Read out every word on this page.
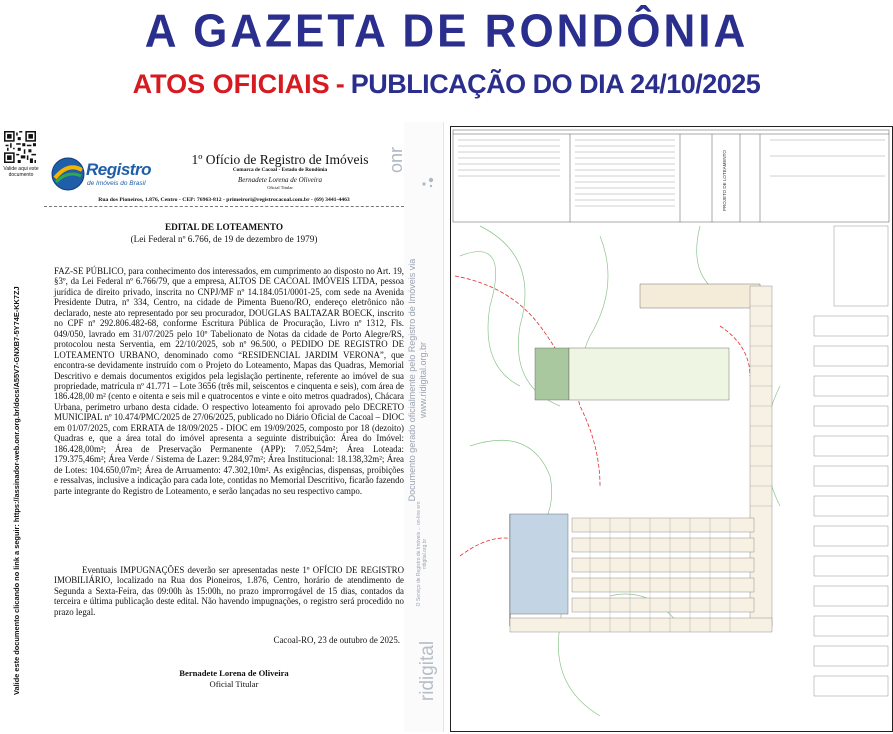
A GAZETA DE RONDÔNIA
ATOS OFICIAIS - PUBLICAÇÃO DO DIA 24/10/2025
Valide aqui este documento
Valide este documento clicando no link a seguir: https://assinador-web.onr.org.br/docs/A55V7-GNXB7-5Y74E-KK7ZJ
Registro
de Imóveis do Brasil
1º Ofício de Registro de Imóveis
Comarca de Cacoal - Estado de Rondônia
Bernadete Lorena de Oliveira
Oficial Titular
Rua dos Pioneiros, 1.876, Centro - CEP: 76963-812 - primeirori@registrocacoal.com.br - (69) 3441-4463
EDITAL DE LOTEAMENTO
(Lei Federal nº 6.766, de 19 de dezembro de 1979)

FAZ-SE PÚBLICO, para conhecimento dos interessados, em cumprimento ao disposto no Art. 19, §3º, da Lei Federal nº 6.766/79, que a empresa, ALTOS DE CACOAL IMÓVEIS LTDA, pessoa jurídica de direito privado, inscrita no CNPJ/MF nº 14.184.051/0001-25, com sede na Avenida Presidente Dutra, nº 334, Centro, na cidade de Pimenta Bueno/RO, endereço eletrônico não declarado, neste ato representado por seu procurador, DOUGLAS BALTAZAR BOECK, inscrito no CPF nº 292.806.482-68, conforme Escritura Pública de Procuração, Livro nº 1312, Fls. 049/050, lavrado em 31/07/2025 pelo 10º Tabelionato de Notas da cidade de Porto Alegre/RS, protocolou nesta Serventia, em 22/10/2025, sob nº 96.500, o PEDIDO DE REGISTRO DE LOTEAMENTO URBANO, denominado como “RESIDENCIAL JARDIM VERONA”, que encontra-se devidamente instruído com o Projeto do Loteamento, Mapas das Quadras, Memorial Descritivo e demais documentos exigidos pela legislação pertinente, referente ao imóvel de sua propriedade, matrícula nº 41.771 – Lote 3656 (três mil, seiscentos e cinquenta e seis), com área de 186.428,00 m² (cento e oitenta e seis mil e quatrocentos e vinte e oito metros quadrados), Chácara Urbana, perímetro urbano desta cidade. O respectivo loteamento foi aprovado pelo DECRETO MUNICIPAL nº 10.474/PMC/2025 de 27/06/2025, publicado no Diário Oficial de Cacoal – DIOC em 01/07/2025, com ERRATA de 18/09/2025 - DIOC em 19/09/2025, composto por 18 (dezoito) Quadras e, que a área total do imóvel apresenta a seguinte distribuição: Área do Imóvel: 186.428,00m²; Área de Preservação Permanente (APP): 7.052,54m²; Área Loteada: 179.375,46m²; Área Verde / Sistema de Lazer: 9.284,97m²; Área Institucional: 18.138,32m²; Área de Lotes: 104.650,07m²; Área de Arruamento: 47.302,10m². As exigências, dispensas, proibições e ressalvas, inclusive a indicação para cada lote, contidas no Memorial Descritivo, ficarão fazendo parte integrante do Registro de Loteamento, e serão lançadas no seu respectivo campo.

Eventuais IMPUGNAÇÕES deverão ser apresentadas neste 1º OFÍCIO DE REGISTRO IMOBILIÁRIO, localizado na Rua dos Pioneiros, 1.876, Centro, horário de atendimento de Segunda a Sexta-Feira, das 09:00h às 15:00h, no prazo improrrogável de 15 dias, contados da terceira e última publicação deste edital. Não havendo impugnações, o registro será procedido no prazo legal.

Cacoal-RO, 23 de outubro de 2025.
Bernadete Lorena de Oliveira
Oficial Titular
onr
Documento gerado oficialmente pelo Registro de Imóveis via www.ridigital.org.br
O Serviço de Registro de Imóveis ... on-line em ridigital.org.br
ridigital
PROJETO DE LOTEAMENTO
